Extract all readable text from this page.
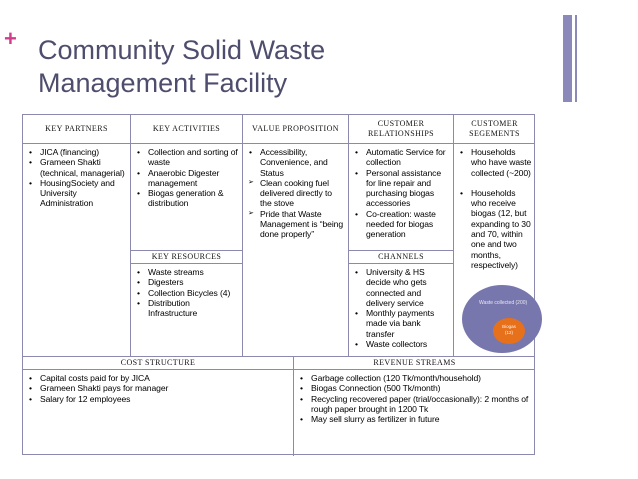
+ Community Solid Waste
Management Facility
KEY PARTNERS
• JICA (financing)
• Grameen Shakti (technical, managerial)
• HousingSociety and University Administration
KEY ACTIVITIES
• Collection and sorting of waste
• Anaerobic Digester management
• Biogas generation & distribution
KEY RESOURCES
• Waste streams
• Digesters
• Collection Bicycles (4)
• Distribution Infrastructure
VALUE PROPOSITION
• Accessibility, Convenience, and Status
➢ Clean cooking fuel delivered directly to the stove
➢ Pride that Waste Management is “being done properly”
CUSTOMER RELATIONSHIPS
• Automatic Service for collection
• Personal assistance for line repair and purchasing biogas accessories
• Co-creation: waste needed for biogas generation
CHANNELS
• University & HS decide who gets connected and delivery service
• Monthly payments made via bank transfer
• Waste collectors
CUSTOMER SEGEMENTS
• Households who have waste collected (~200)
• Households who receive biogas (12, but expanding to 30 and 70, within one and two months, respectively)
COST STRUCTURE
• Capital costs paid for by JICA
• Grameen Shakti pays for manager
• Salary for 12 employees
REVENUE STREAMS
• Garbage collection (120 Tk/month/household)
• Biogas Connection (500 Tk/month)
• Recycling recovered paper (trial/occasionally): 2 months of rough paper brought in 1200 Tk
• May sell slurry as fertilizer in future
Waste collected (200)
Biogas (12)
